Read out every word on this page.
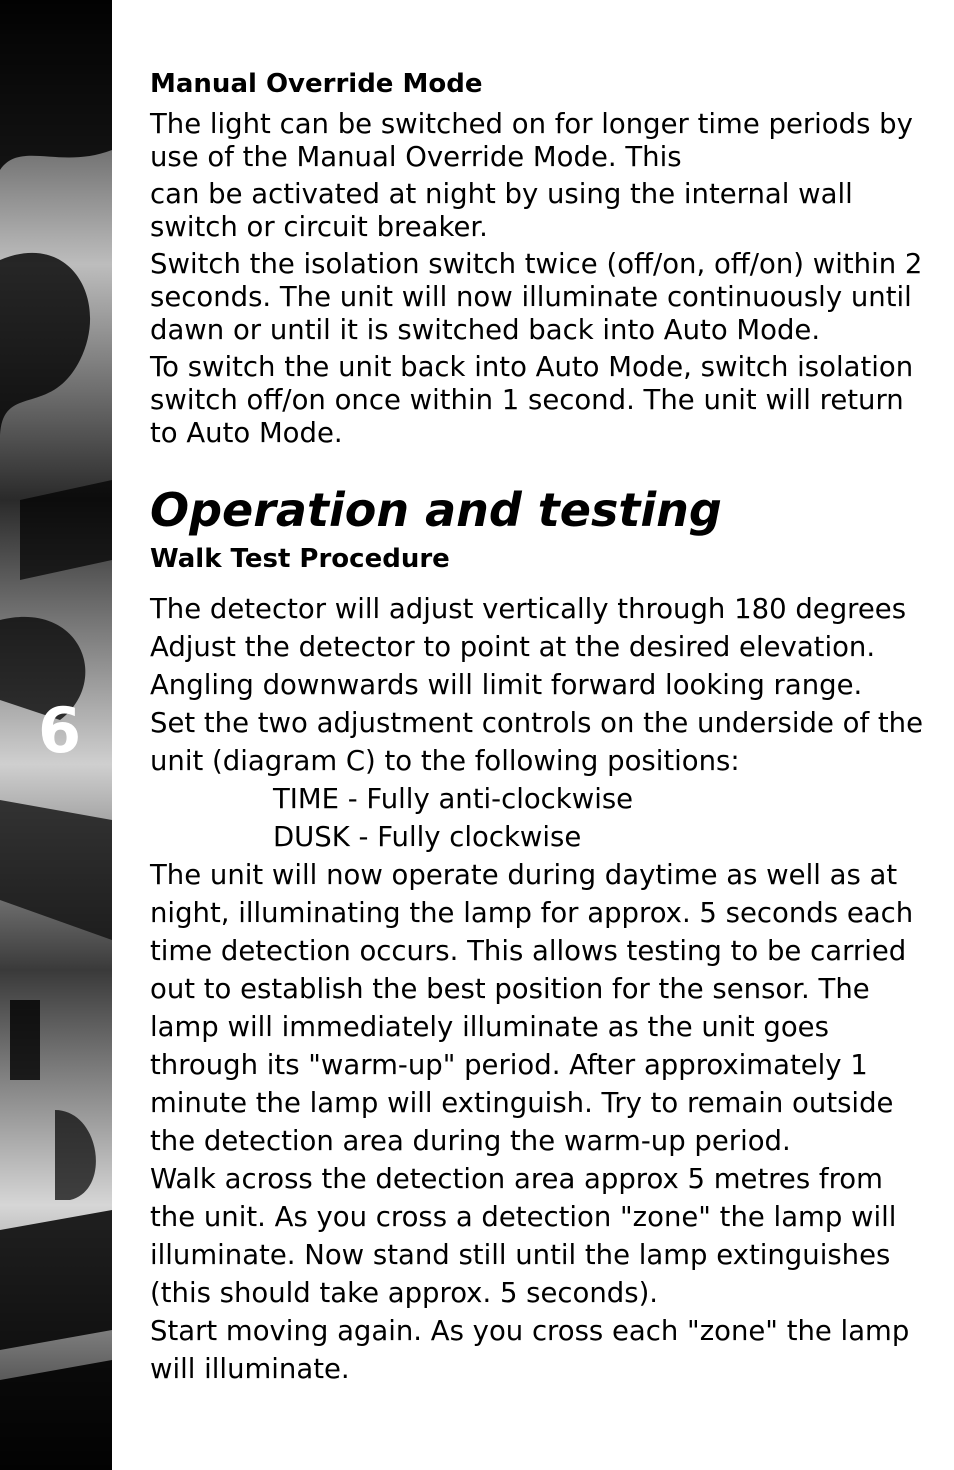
6
Manual Override Mode

The light can be switched on for longer time periods by use of the Manual Override Mode. This

can be activated at night by using the internal wall switch or circuit breaker.

Switch the isolation switch twice (off/on, off/on) within 2 seconds. The unit will now illuminate continuously until dawn or until it is switched back into Auto Mode.

To switch the unit back into Auto Mode, switch isolation switch off/on once within 1 second. The unit will return to Auto Mode.

Operation and testing
Walk Test Procedure

The detector will adjust vertically through 180 degrees

Adjust the detector to point at the desired elevation.

Angling downwards will limit forward looking range.

Set the two adjustment controls on the underside of the unit (diagram C) to the following positions:

TIME - Fully anti-clockwise

DUSK - Fully clockwise

The unit will now operate during daytime as well as at night, illuminating the lamp for approx. 5 seconds each time detection occurs. This allows testing to be carried out to establish the best position for the sensor. The lamp will immediately illuminate as the unit goes through its "warm-up" period. After approximately 1 minute the lamp will extinguish. Try to remain outside the detection area during the warm-up period.

Walk across the detection area approx 5 metres from the unit. As you cross a detection "zone" the lamp will illuminate. Now stand still until the lamp extinguishes (this should take approx. 5 seconds).

Start moving again. As you cross each "zone" the lamp will illuminate.
